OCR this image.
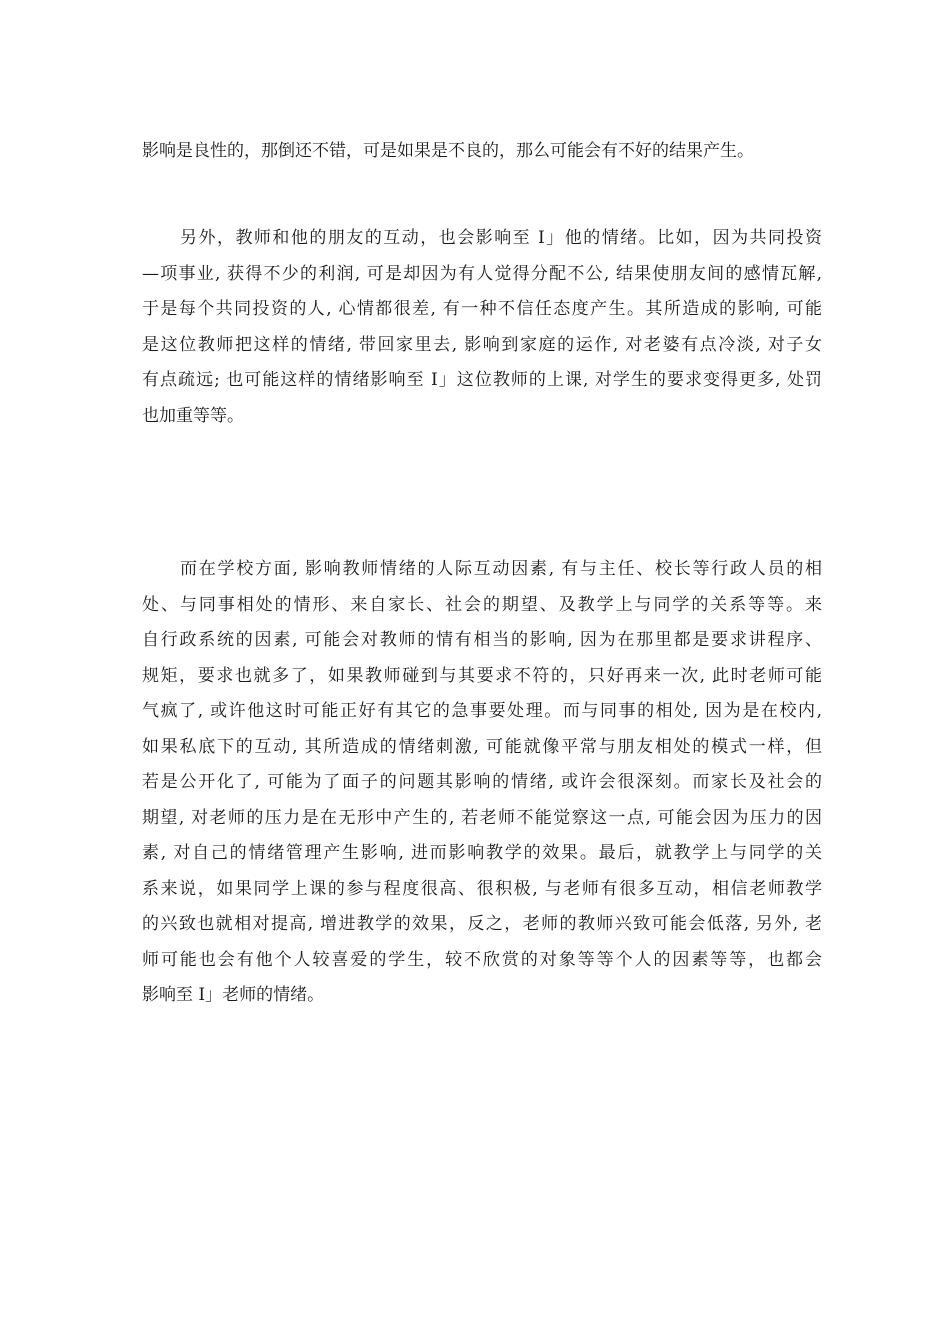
影响是良性的，那倒还不错，可是如果是不良的，那么可能会有不好的结果产生。
另外，教师和他的朋友的互动，也会影响至 I」他的情绪。比如，因为共同投资
—项事业, 获得不少的利润, 可是却因为有人觉得分配不公, 结果使朋友间的感情瓦解,
于是每个共同投资的人, 心情都很差, 有一种不信任态度产生。其所造成的影响, 可能
是这位教师把这样的情绪, 带回家里去, 影响到家庭的运作, 对老婆有点冷淡, 对子女
有点疏远; 也可能这样的情绪影响至 I」这位教师的上课, 对学生的要求变得更多, 处罚
也加重等等。
而在学校方面, 影响教师情绪的人际互动因素, 有与主任、校长等行政人员的相
处、与同事相处的情形、来自家长、社会的期望、及教学上与同学的关系等等。来
自行政系统的因素, 可能会对教师的情有相当的影响, 因为在那里都是要求讲程序、
规矩，要求也就多了，如果教师碰到与其要求不符的，只好再来一次, 此时老师可能
气疯了, 或许他这时可能正好有其它的急事要处理。而与同事的相处, 因为是在校内,
如果私底下的互动, 其所造成的情绪刺激, 可能就像平常与朋友相处的模式一样，但
若是公开化了, 可能为了面子的问题其影响的情绪, 或许会很深刻。而家长及社会的
期望, 对老师的压力是在无形中产生的, 若老师不能觉察这一点, 可能会因为压力的因
素, 对自己的情绪管理产生影响, 进而影响教学的效果。最后，就教学上与同学的关
系来说，如果同学上课的参与程度很高、很积极, 与老师有很多互动，相信老师教学
的兴致也就相对提高, 增进教学的效果，反之，老师的教师兴致可能会低落, 另外, 老
师可能也会有他个人较喜爱的学生，较不欣赏的对象等等个人的因素等等，也都会
影响至 I」老师的情绪。
